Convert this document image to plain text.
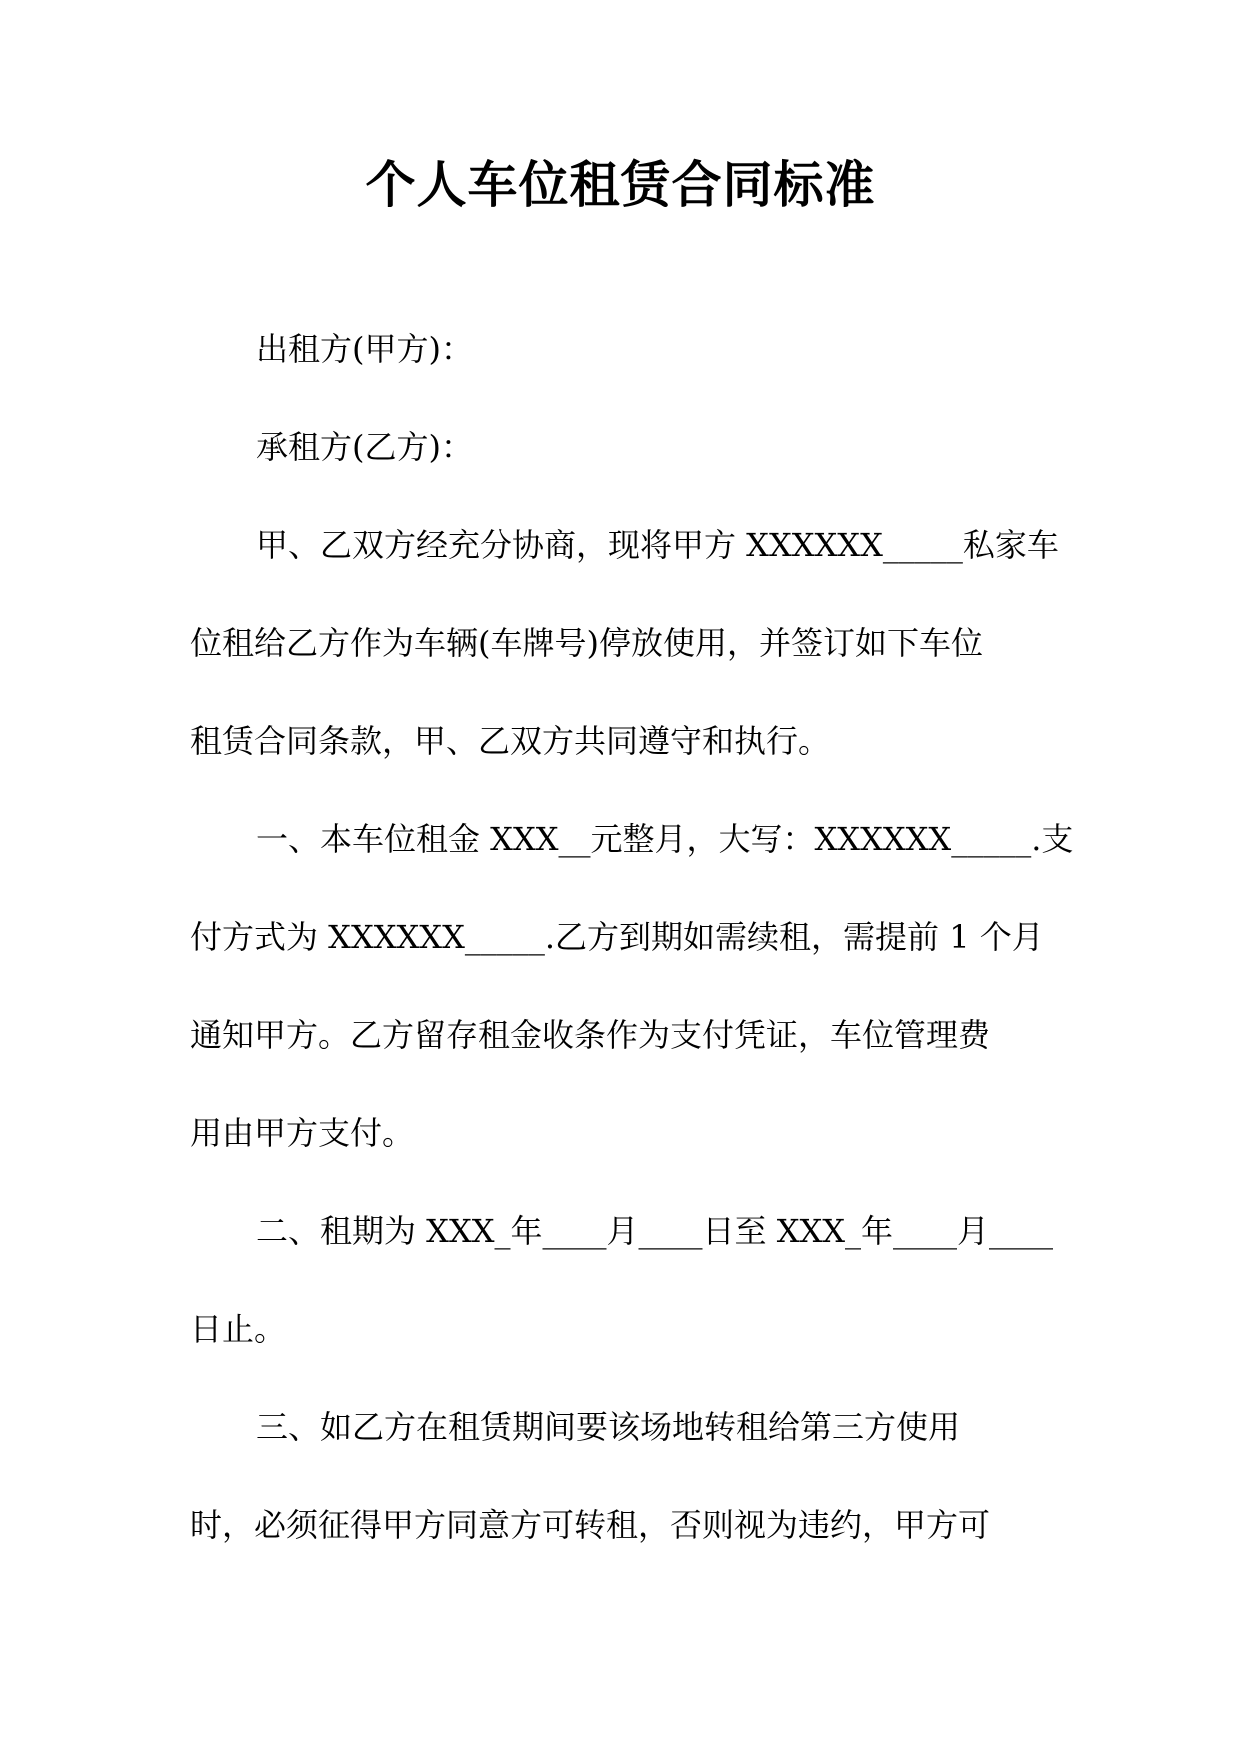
个人车位租赁合同标准
出租方(甲方)：
承租方(乙方)：
甲、乙双方经充分协商，现将甲方 XXXXXX_____私家车
位租给乙方作为车辆(车牌号)停放使用，并签订如下车位
租赁合同条款，甲、乙双方共同遵守和执行。
一、本车位租金 XXX__元整月，大写：XXXXXX_____.支
付方式为 XXXXXX_____.乙方到期如需续租，需提前 1 个月
通知甲方。乙方留存租金收条作为支付凭证，车位管理费
用由甲方支付。
二、租期为 XXX_年____月____日至 XXX_年____月____
日止。
三、如乙方在租赁期间要该场地转租给第三方使用
时，必须征得甲方同意方可转租，否则视为违约，甲方可
